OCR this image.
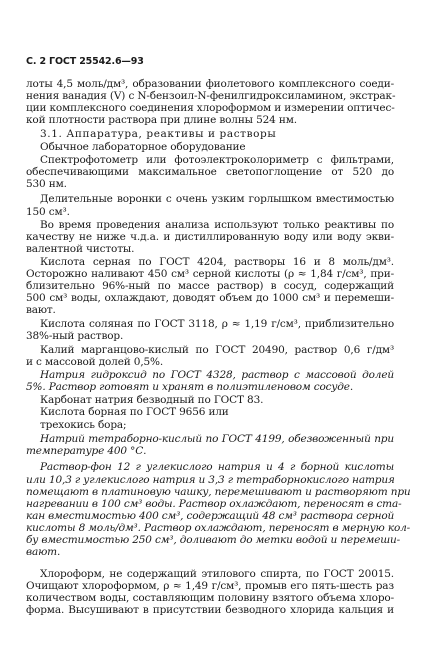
С. 2 ГОСТ 25542.6—93
лоты 4,5 моль/дм³, образовании фиолетового комплексного соеди-
нения ванадия (V) с N-бензоил-N-фенилгидроксиламином, экстрак-
ции комплексного соединения хлороформом и измерении оптичес-
кой плотности раствора при длине волны 524 нм.
3.1. Аппаратура, реактивы и растворы
Обычное лабораторное оборудование
Спектрофотометр или фотоэлектроколориметр с фильтрами,
обеспечивающими максимальное светопоглощение от 520 до
530 нм.
Делительные воронки с очень узким горлышком вместимостью
150 см³.
Во время проведения анализа используют только реактивы по
качеству не ниже ч.д.а. и дистиллированную воду или воду экви-
валентной чистоты.
Кислота серная по ГОСТ 4204, растворы 16 и 8 моль/дм³.
Осторожно наливают 450 см³ серной кислоты (ρ ≈ 1,84 г/см³, при-
близительно 96%-ный по массе раствор) в сосуд, содержащий
500 см³ воды, охлаждают, доводят объем до 1000 см³ и перемеши-
вают.
Кислота соляная по ГОСТ 3118, ρ ≈ 1,19 г/см³, приблизительно
38%-ный раствор.
Калий марганцово-кислый по ГОСТ 20490, раствор 0,6 г/дм³
и с массовой долей 0,5%.
Натрия гидроксид по ГОСТ 4328, раствор с массовой долей
5%. Раствор готовят и хранят в полиэтиленовом сосуде.
Карбонат натрия безводный по ГОСТ 83.
Кислота борная по ГОСТ 9656 или
трехокись бора;
Натрий тетраборно-кислый по ГОСТ 4199, обезвоженный при
температуре 400 °С.
Раствор-фон 12 г углекислого натрия и 4 г борной кислоты
или 10,3 г углекислого натрия и 3,3 г тетраборнокислого натрия
помещают в платиновую чашку, перемешивают и растворяют при
нагревании в 100 см³ воды. Раствор охлаждают, переносят в ста-
кан вместимостью 400 см³, содержащий 48 см³ раствора серной
кислоты 8 моль/дм³. Раствор охлаждают, переносят в мерную кол-
бу вместимостью 250 см³, доливают до метки водой и перемеши-
вают.
Хлороформ, не содержащий этилового спирта, по ГОСТ 20015.
Очищают хлороформом, ρ ≈ 1,49 г/см³, промыв его пять-шесть раз
количеством воды, составляющим половину взятого объема хлоро-
форма. Высушивают в присутствии безводного хлорида кальция и
